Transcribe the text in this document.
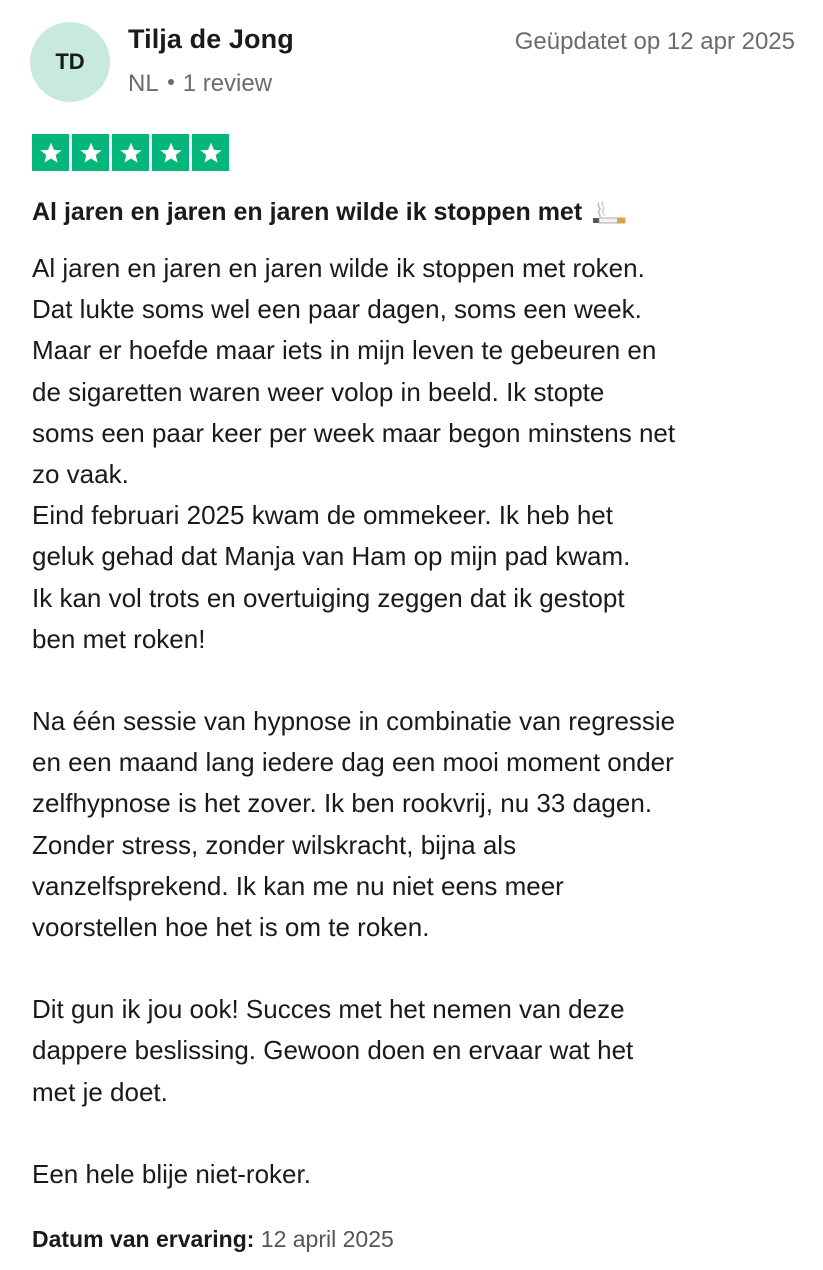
TD
Tilja de Jong
NL 1 review
Geüpdatet op 12 apr 2025
Al jaren en jaren en jaren wilde ik stoppen met

Al jaren en jaren en jaren wilde ik stoppen met roken.
Dat lukte soms wel een paar dagen, soms een week.
Maar er hoefde maar iets in mijn leven te gebeuren en
de sigaretten waren weer volop in beeld. Ik stopte
soms een paar keer per week maar begon minstens net
zo vaak.
Eind februari 2025 kwam de ommekeer. Ik heb het
geluk gehad dat Manja van Ham op mijn pad kwam.
Ik kan vol trots en overtuiging zeggen dat ik gestopt
ben met roken!

Na één sessie van hypnose in combinatie van regressie
en een maand lang iedere dag een mooi moment onder
zelfhypnose is het zover. Ik ben rookvrij, nu 33 dagen.
Zonder stress, zonder wilskracht, bijna als
vanzelfsprekend. Ik kan me nu niet eens meer
voorstellen hoe het is om te roken.

Dit gun ik jou ook! Succes met het nemen van deze
dappere beslissing. Gewoon doen en ervaar wat het
met je doet.

Een hele blije niet-roker.

Datum van ervaring: 12 april 2025
